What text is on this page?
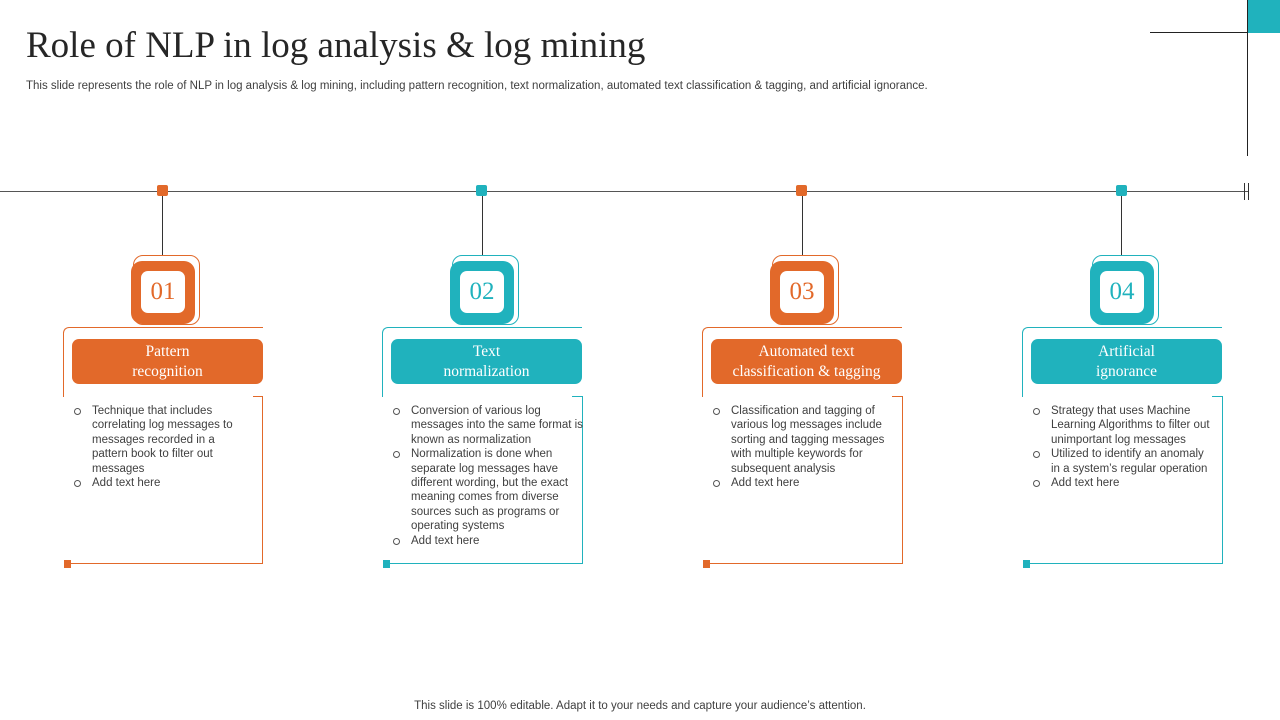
Role of NLP in log analysis & log mining
This slide represents the role of NLP in log analysis & log mining, including pattern recognition, text normalization, automated text classification & tagging, and artificial ignorance.
01
Pattern
recognition
Technique that includes correlating log messages to messages recorded in a pattern book to filter out messages
Add text here
02
Text
normalization
Conversion of various log messages into the same format is known as normalization
Normalization is done when separate log messages have different wording, but the exact meaning comes from diverse sources such as programs or operating systems
Add text here
03
Automated text
classification & tagging
Classification and tagging of various log messages include sorting and tagging messages with multiple keywords for subsequent analysis
Add text here
04
Artificial
ignorance
Strategy that uses Machine Learning Algorithms to filter out unimportant log messages
Utilized to identify an anomaly in a system’s regular operation
Add text here
This slide is 100% editable. Adapt it to your needs and capture your audience’s attention.
